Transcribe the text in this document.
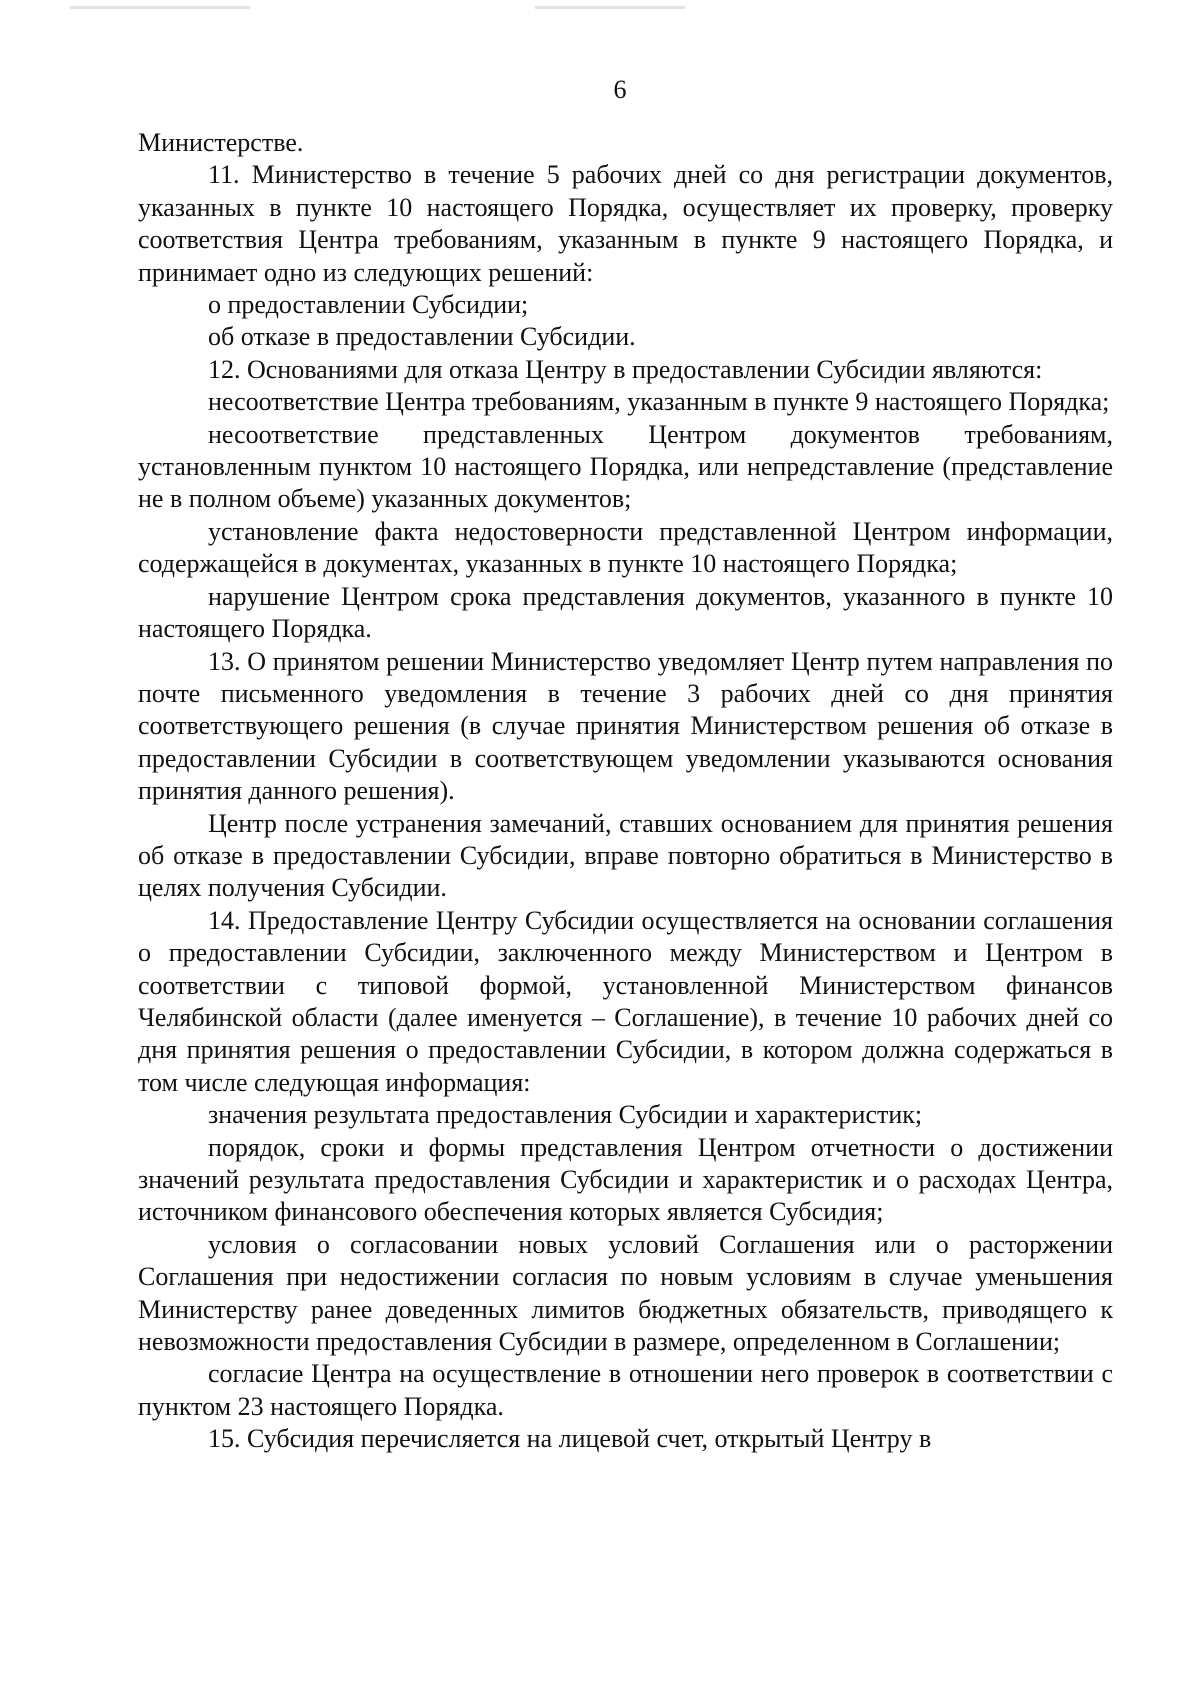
6

Министерстве.

11. Министерство в течение 5 рабочих дней со дня регистрации документов, указанных в пункте 10 настоящего Порядка, осуществляет их проверку, проверку соответствия Центра требованиям, указанным в пункте 9 настоящего Порядка, и принимает одно из следующих решений:

о предоставлении Субсидии;

об отказе в предоставлении Субсидии.

12. Основаниями для отказа Центру в предоставлении Субсидии являются:

несоответствие Центра требованиям, указанным в пункте 9 настоящего Порядка;

несоответствие представленных Центром документов требованиям, установленным пунктом 10 настоящего Порядка, или непредставление (представление не в полном объеме) указанных документов;

установление факта недостоверности представленной Центром информации, содержащейся в документах, указанных в пункте 10 настоящего Порядка;

нарушение Центром срока представления документов, указанного в пункте 10 настоящего Порядка.

13. О принятом решении Министерство уведомляет Центр путем направления по почте письменного уведомления в течение 3 рабочих дней со дня принятия соответствующего решения (в случае принятия Министерством решения об отказе в предоставлении Субсидии в соответствующем уведомлении указываются основания принятия данного решения).

Центр после устранения замечаний, ставших основанием для принятия решения об отказе в предоставлении Субсидии, вправе повторно обратиться в Министерство в целях получения Субсидии.

14. Предоставление Центру Субсидии осуществляется на основании соглашения о предоставлении Субсидии, заключенного между Министерством и Центром в соответствии с типовой формой, установленной Министерством финансов Челябинской области (далее именуется – Соглашение), в течение 10 рабочих дней со дня принятия решения о предоставлении Субсидии, в котором должна содержаться в том числе следующая информация:

значения результата предоставления Субсидии и характеристик;

порядок, сроки и формы представления Центром отчетности о достижении значений результата предоставления Субсидии и характеристик и о расходах Центра, источником финансового обеспечения которых является Субсидия;

условия о согласовании новых условий Соглашения или о расторжении Соглашения при недостижении согласия по новым условиям в случае уменьшения Министерству ранее доведенных лимитов бюджетных обязательств, приводящего к невозможности предоставления Субсидии в размере, определенном в Соглашении;

согласие Центра на осуществление в отношении него проверок в соответствии с пунктом 23 настоящего Порядка.

15. Субсидия перечисляется на лицевой счет, открытый Центру в
